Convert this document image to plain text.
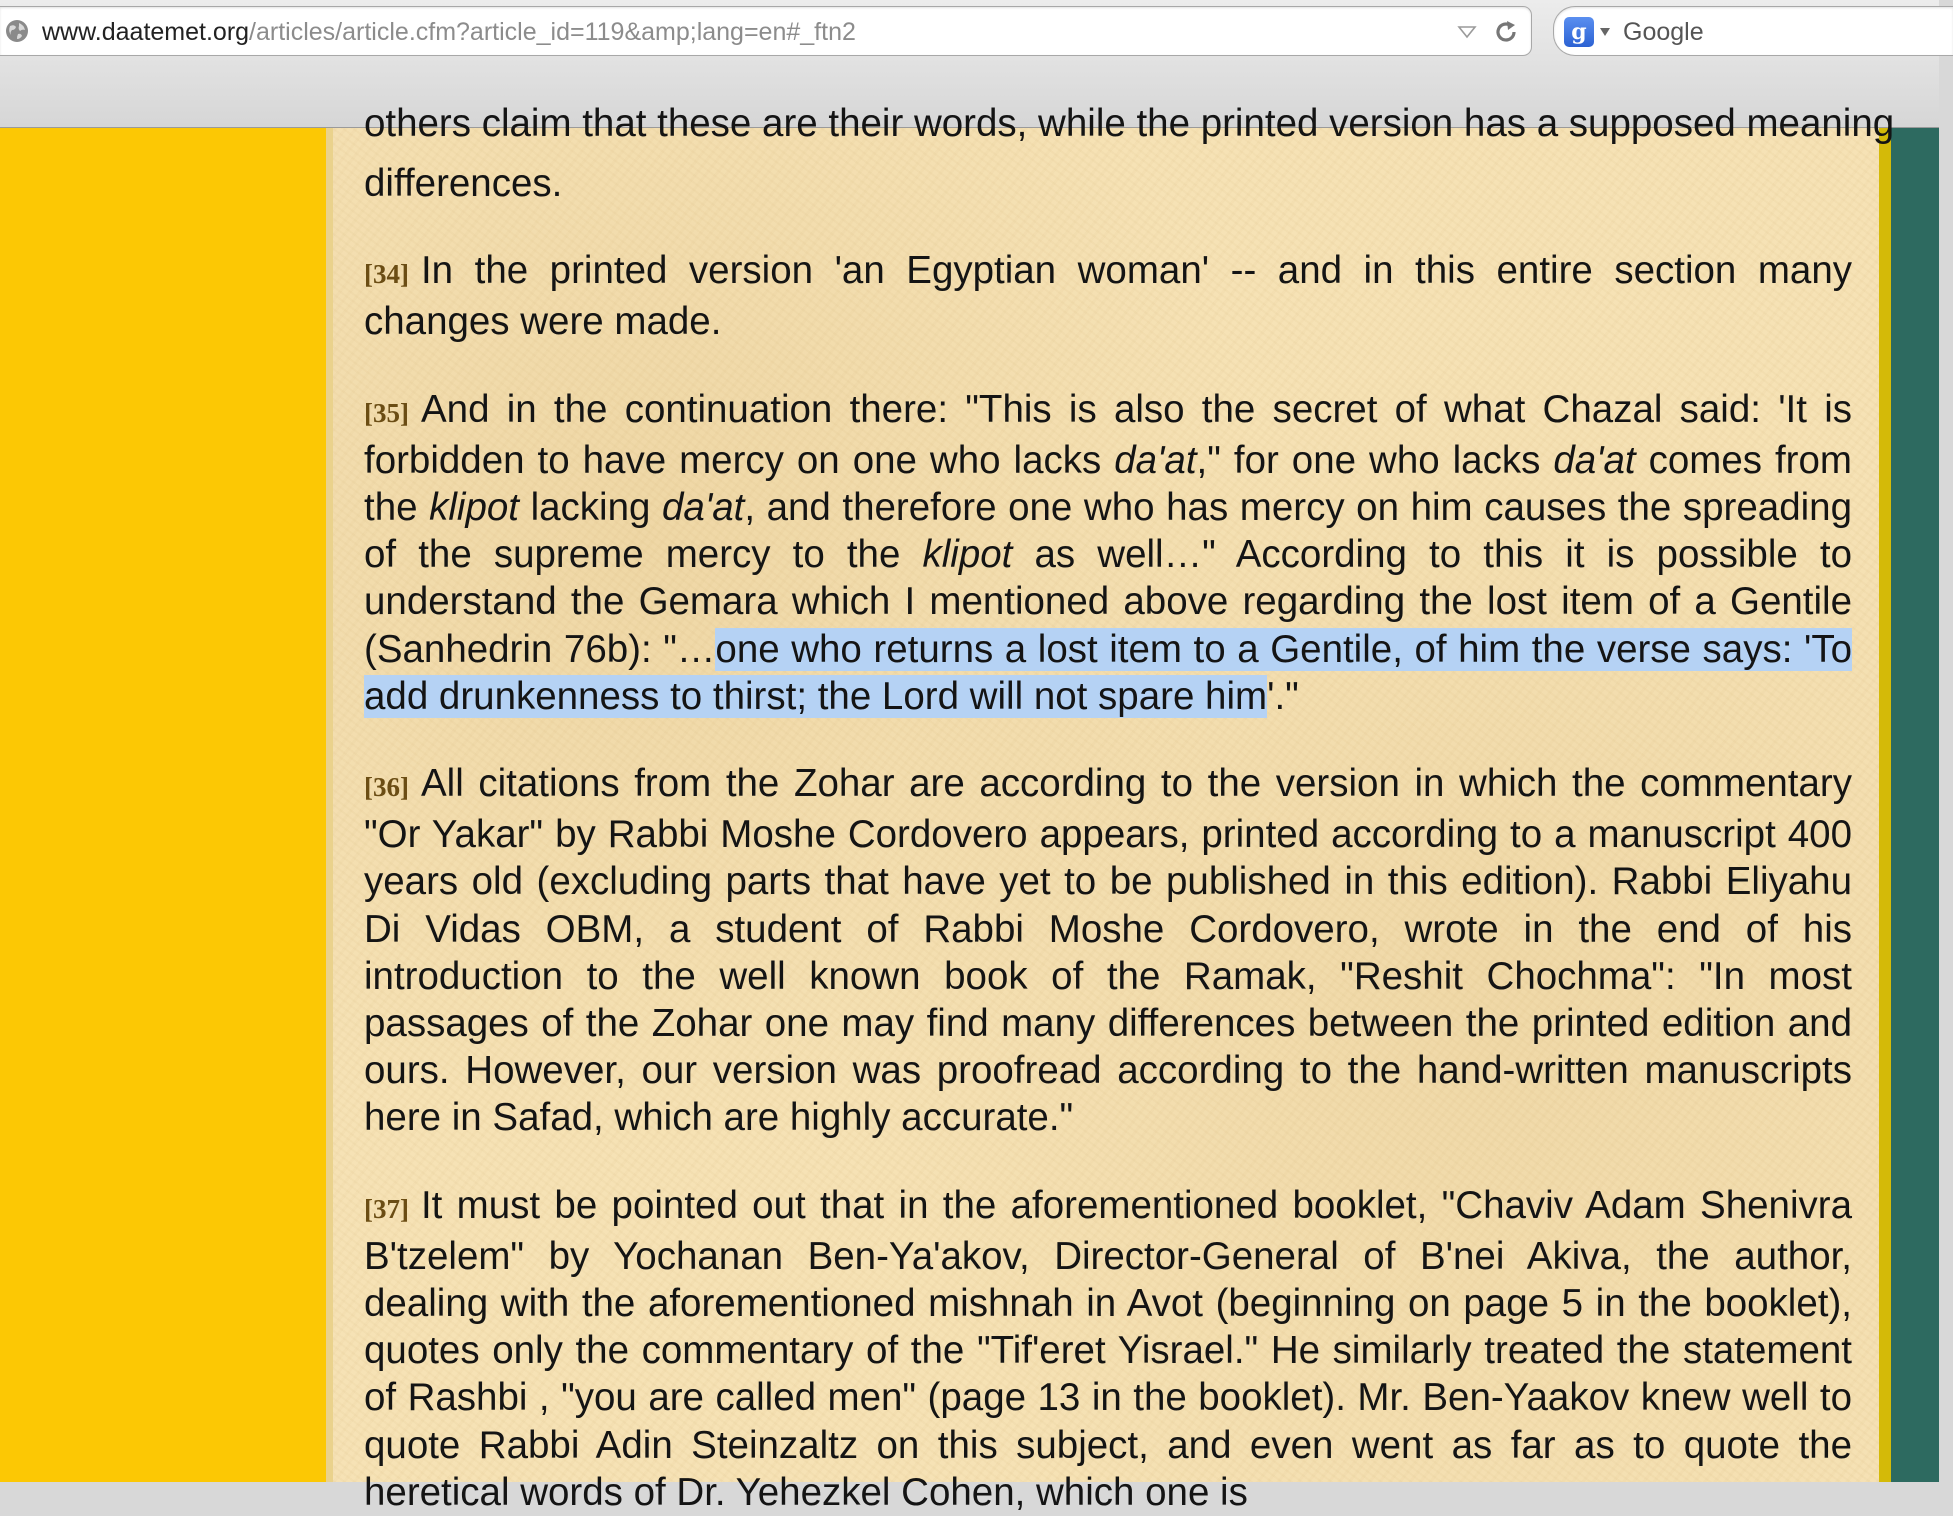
www.daatemet.org/articles/article.cfm?article_id=119&amp;lang=en#_ftn2	g Google
others claim that these are their words, while the printed version has a supposed meaning

differences.

[34] In the printed version 'an Egyptian woman' -- and in this entire section many changes were made.

[35] And in the continuation there: "This is also the secret of what Chazal said: 'It is forbidden to have mercy on one who lacks da'at," for one who lacks da'at comes from the klipot lacking da'at, and therefore one who has mercy on him causes the spreading of the supreme mercy to the klipot as well…" According to this it is possible to understand the Gemara which I mentioned above regarding the lost item of a Gentile (Sanhedrin 76b): "…one who returns a lost item to a Gentile, of him the verse says: 'To add drunkenness to thirst; the Lord will not spare him'."

[36] All citations from the Zohar are according to the version in which the commentary "Or Yakar" by Rabbi Moshe Cordovero appears, printed according to a manuscript 400 years old (excluding parts that have yet to be published in this edition). Rabbi Eliyahu Di Vidas OBM, a student of Rabbi Moshe Cordovero, wrote in the end of his introduction to the well known book of the Ramak, "Reshit Chochma": "In most passages of the Zohar one may find many differences between the printed edition and ours. However, our version was proofread according to the hand-written manuscripts here in Safad, which are highly accurate."

[37] It must be pointed out that in the aforementioned booklet, "Chaviv Adam Shenivra B'tzelem" by Yochanan Ben-Ya'akov, Director-General of B'nei Akiva, the author, dealing with the aforementioned mishnah in Avot (beginning on page 5 in the booklet), quotes only the commentary of the "Tif'eret Yisrael." He similarly treated the statement of Rashbi , "you are called men" (page 13 in the booklet). Mr. Ben-Yaakov knew well to quote Rabbi Adin Steinzaltz on this subject, and even went as far as to quote the heretical words of Dr. Yehezkel Cohen, which one is
